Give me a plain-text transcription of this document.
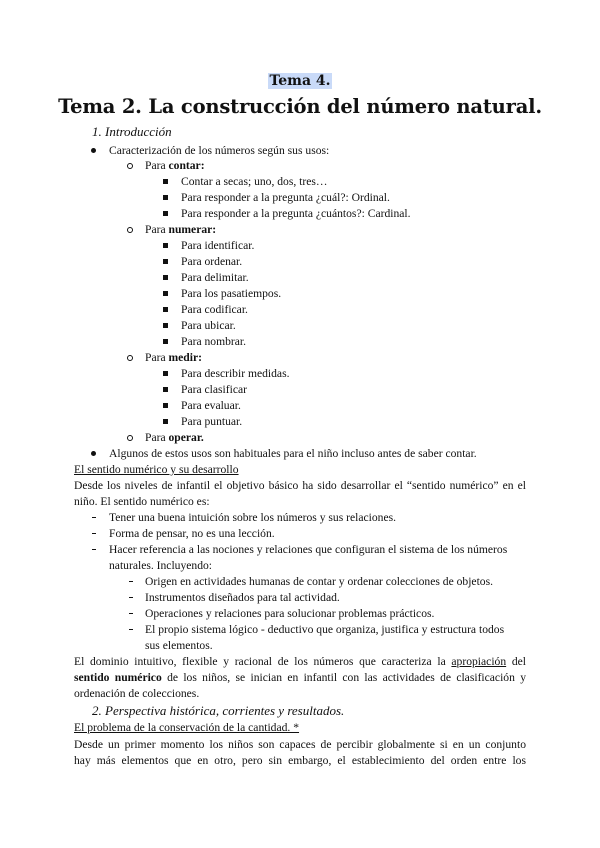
Tema 4.
Tema 2. La construcción del número natural.
1. Introducción
Caracterización de los números según sus usos:
Para contar:
Contar a secas; uno, dos, tres…
Para responder a la pregunta ¿cuál?: Ordinal.
Para responder a la pregunta ¿cuántos?: Cardinal.
Para numerar:
Para identificar.
Para ordenar.
Para delimitar.
Para los pasatiempos.
Para codificar.
Para ubicar.
Para nombrar.
Para medir:
Para describir medidas.
Para clasificar
Para evaluar.
Para puntuar.
Para operar.
Algunos de estos usos son habituales para el niño incluso antes de saber contar.
El sentido numérico y su desarrollo
Desde los niveles de infantil el objetivo básico ha sido desarrollar el “sentido numérico” en el
niño. El sentido numérico es:
Tener una buena intuición sobre los números y sus relaciones.
Forma de pensar, no es una lección.
Hacer referencia a las nociones y relaciones que configuran el sistema de los números
naturales. Incluyendo:
Origen en actividades humanas de contar y ordenar colecciones de objetos.
Instrumentos diseñados para tal actividad.
Operaciones y relaciones para solucionar problemas prácticos.
El propio sistema lógico - deductivo que organiza, justifica y estructura todos
sus elementos.
El dominio intuitivo, flexible y racional de los números que caracteriza la apropiación del
sentido numérico de los niños, se inician en infantil con las actividades de clasificación y
ordenación de colecciones.
2. Perspectiva histórica, corrientes y resultados.
El problema de la conservación de la cantidad. *
Desde un primer momento los niños son capaces de percibir globalmente si en un conjunto
hay más elementos que en otro, pero sin embargo, el establecimiento del orden entre los
